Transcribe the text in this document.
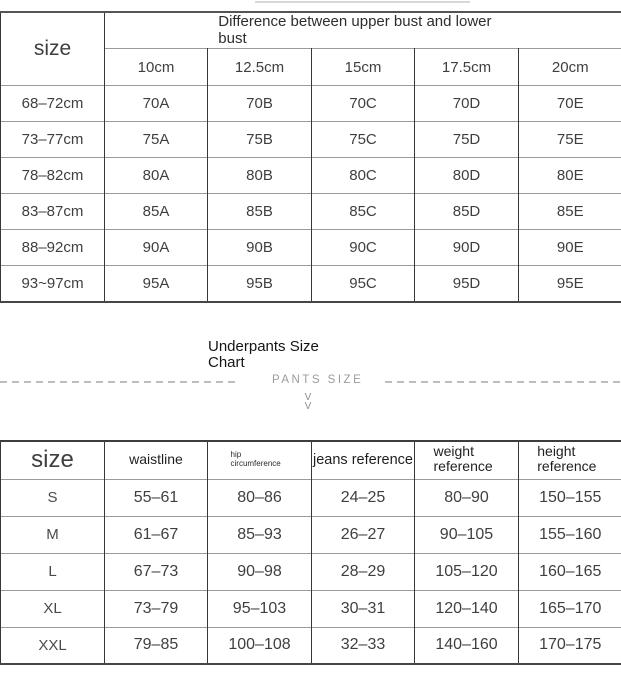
size	Difference between upper bust and lower bust				
	10cm	12.5cm	15cm	17.5cm	20cm
68–72cm	70A	70B	70C	70D	70E
73–77cm	75A	75B	75C	75D	75E
78–82cm	80A	80B	80C	80D	80E
83–87cm	85A	85B	85C	85D	85E
88–92cm	90A	90B	90C	90D	90E
93~97cm	95A	95B	95C	95D	95E
Underpants Size Chart
PANTS SIZE
V
V
size	waistline	hip circumference	jeans reference	weight reference	height reference
S	55–61	80–86	24–25	80–90	150–155
M	61–67	85–93	26–27	90–105	155–160
L	67–73	90–98	28–29	105–120	160–165
XL	73–79	95–103	30–31	120–140	165–170
XXL	79–85	100–108	32–33	140–160	170–175
